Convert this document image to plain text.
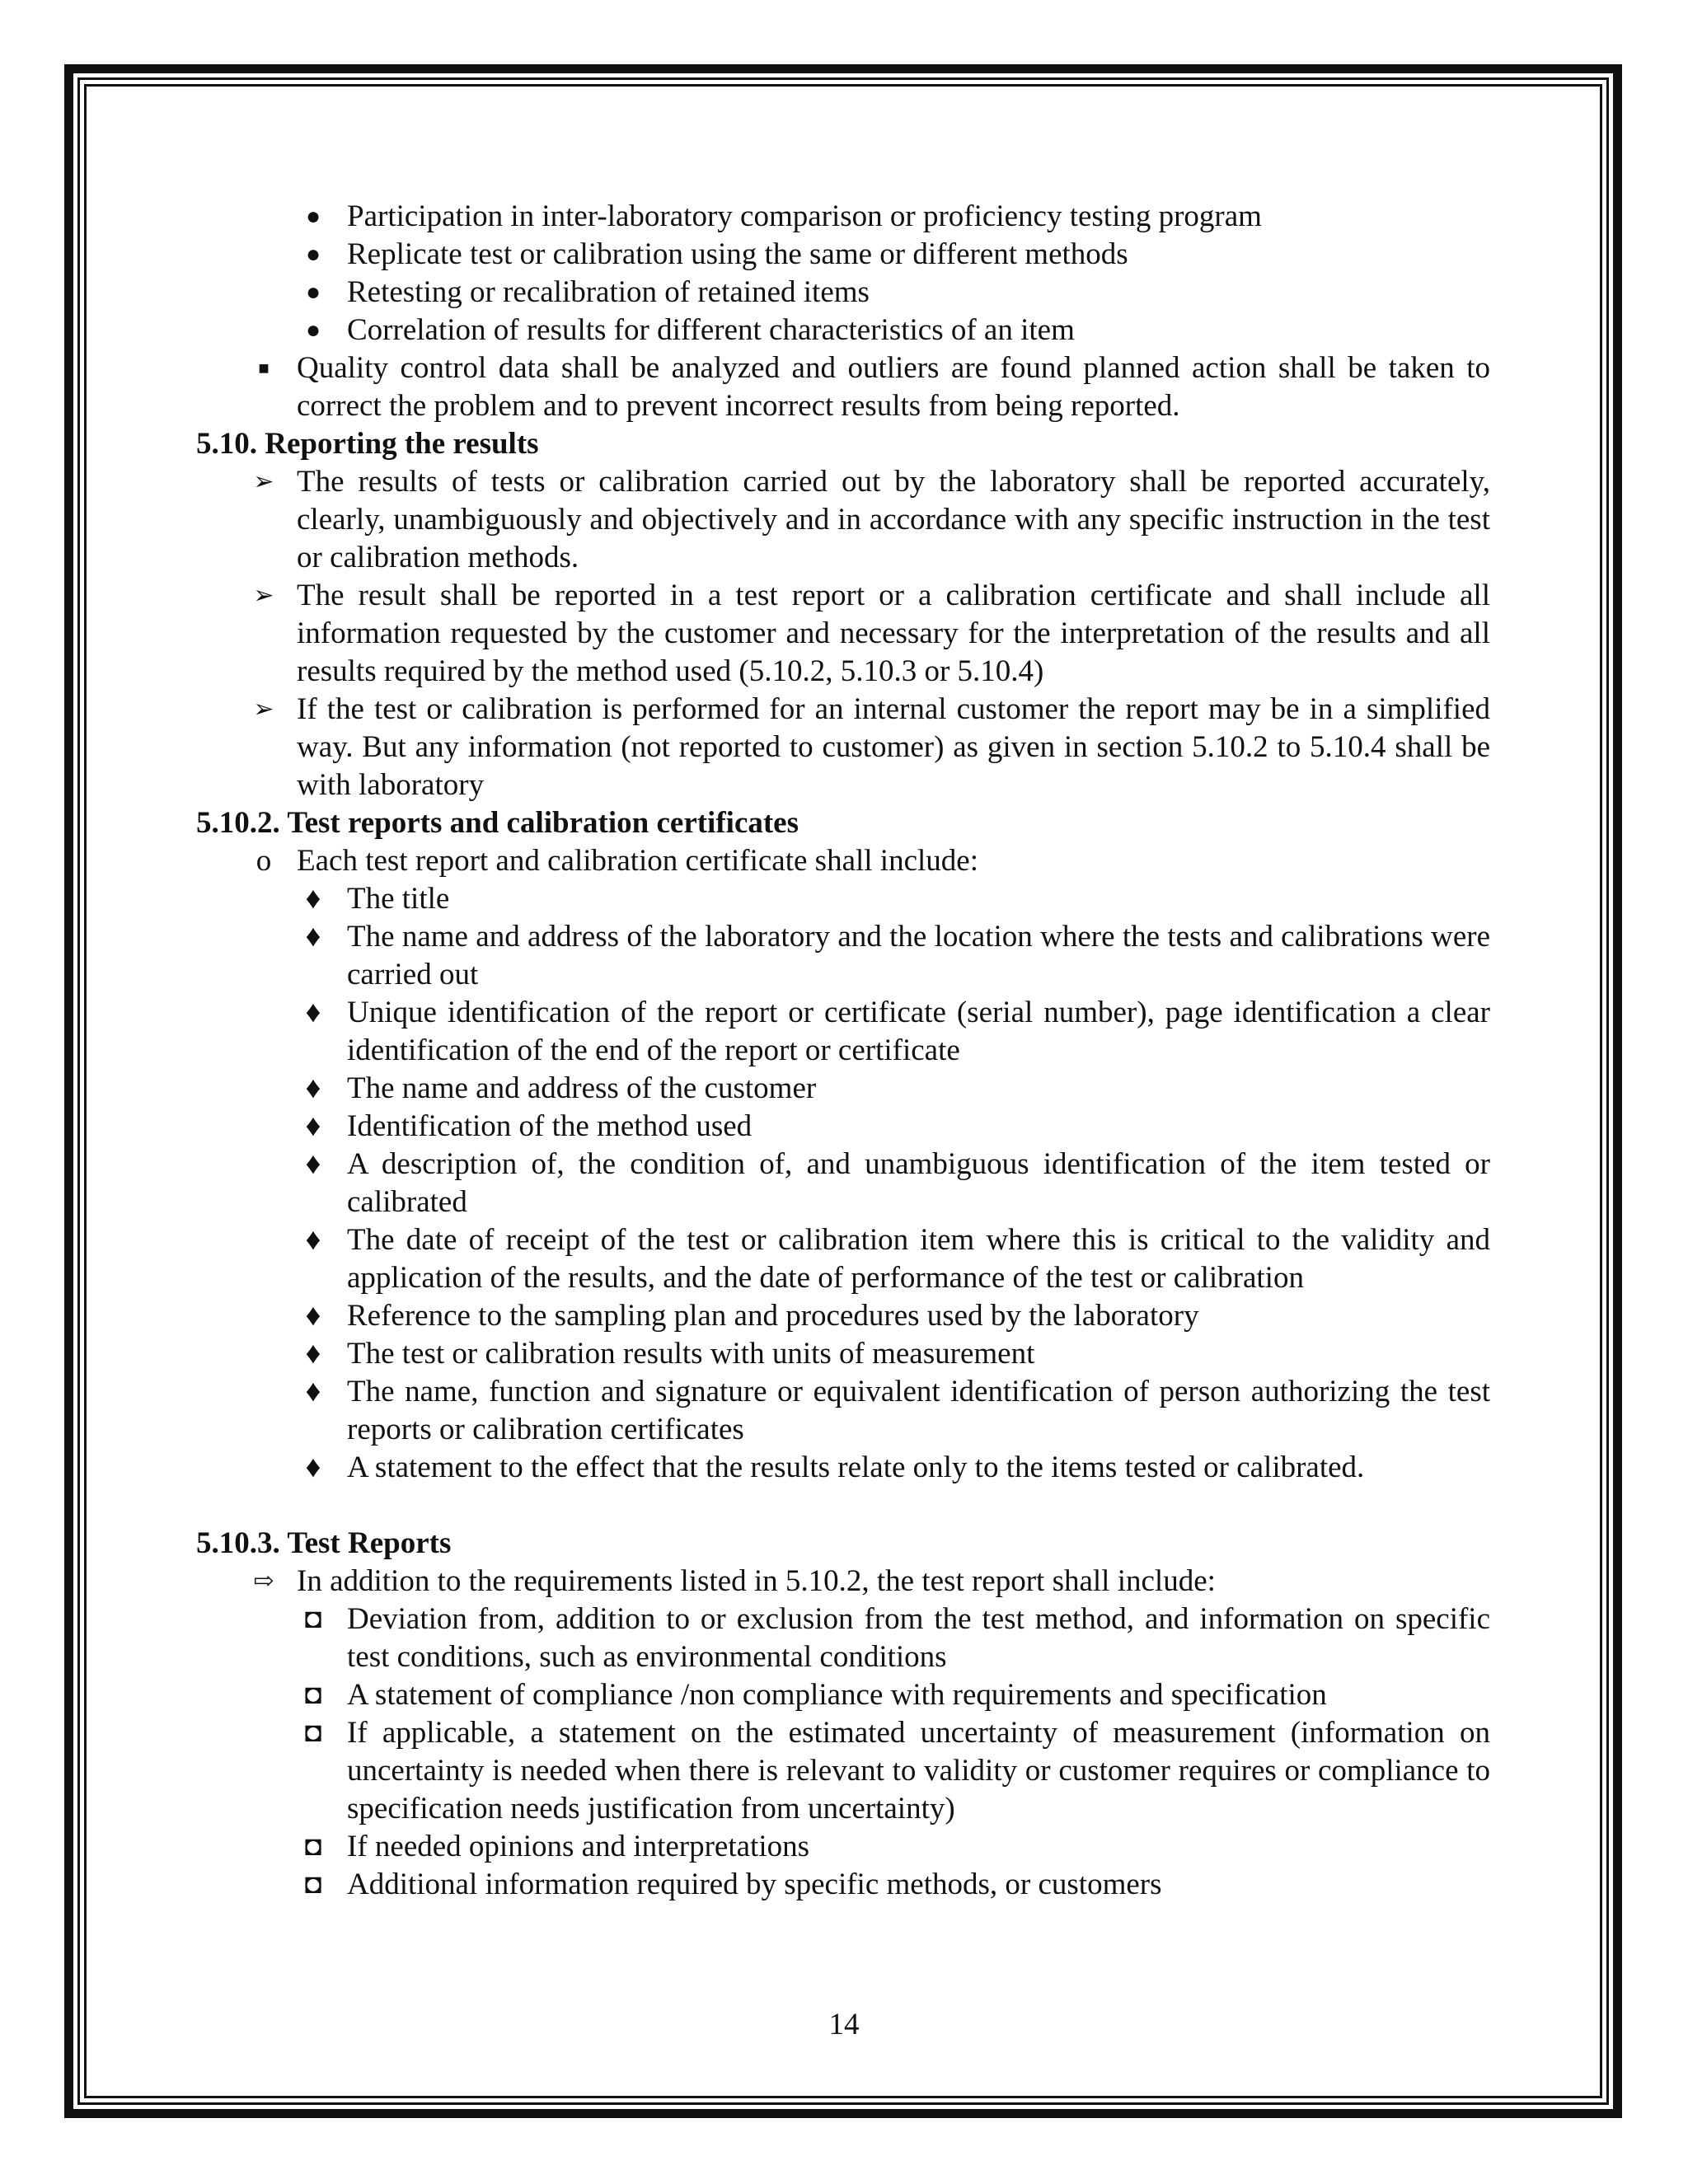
● Participation in inter-laboratory comparison or proficiency testing program
● Replicate test or calibration using the same or different methods
● Retesting or recalibration of retained items
● Correlation of results for different characteristics of an item
■ Quality control data shall be analyzed and outliers are found planned action shall be taken to correct the problem and to prevent incorrect results from being reported.
5.10. Reporting the results
➢ The results of tests or calibration carried out by the laboratory shall be reported accurately, clearly, unambiguously and objectively and in accordance with any specific instruction in the test or calibration methods.
➢ The result shall be reported in a test report or a calibration certificate and shall include all information requested by the customer and necessary for the interpretation of the results and all results required by the method used (5.10.2, 5.10.3 or 5.10.4)
➢ If the test or calibration is performed for an internal customer the report may be in a simplified way. But any information (not reported to customer) as given in section 5.10.2 to 5.10.4 shall be with laboratory
5.10.2. Test reports and calibration certificates
o Each test report and calibration certificate shall include:
♦ The title
♦ The name and address of the laboratory and the location where the tests and calibrations were carried out
♦ Unique identification of the report or certificate (serial number), page identification a clear identification of the end of the report or certificate
♦ The name and address of the customer
♦ Identification of the method used
♦ A description of, the condition of, and unambiguous identification of the item tested or calibrated
♦ The date of receipt of the test or calibration item where this is critical to the validity and application of the results, and the date of performance of the test or calibration
♦ Reference to the sampling plan and procedures used by the laboratory
♦ The test or calibration results with units of measurement
♦ The name, function and signature or equivalent identification of person authorizing the test reports or calibration certificates
♦ A statement to the effect that the results relate only to the items tested or calibrated.
5.10.3. Test Reports
⇨ In addition to the requirements listed in 5.10.2, the test report shall include:
◘ Deviation from, addition to or exclusion from the test method, and information on specific test conditions, such as environmental conditions
◘ A statement of compliance /non compliance with requirements and specification
◘ If applicable, a statement on the estimated uncertainty of measurement (information on uncertainty is needed when there is relevant to validity or customer requires or compliance to specification needs justification from uncertainty)
◘ If needed opinions and interpretations
◘ Additional information required by specific methods, or customers
14
